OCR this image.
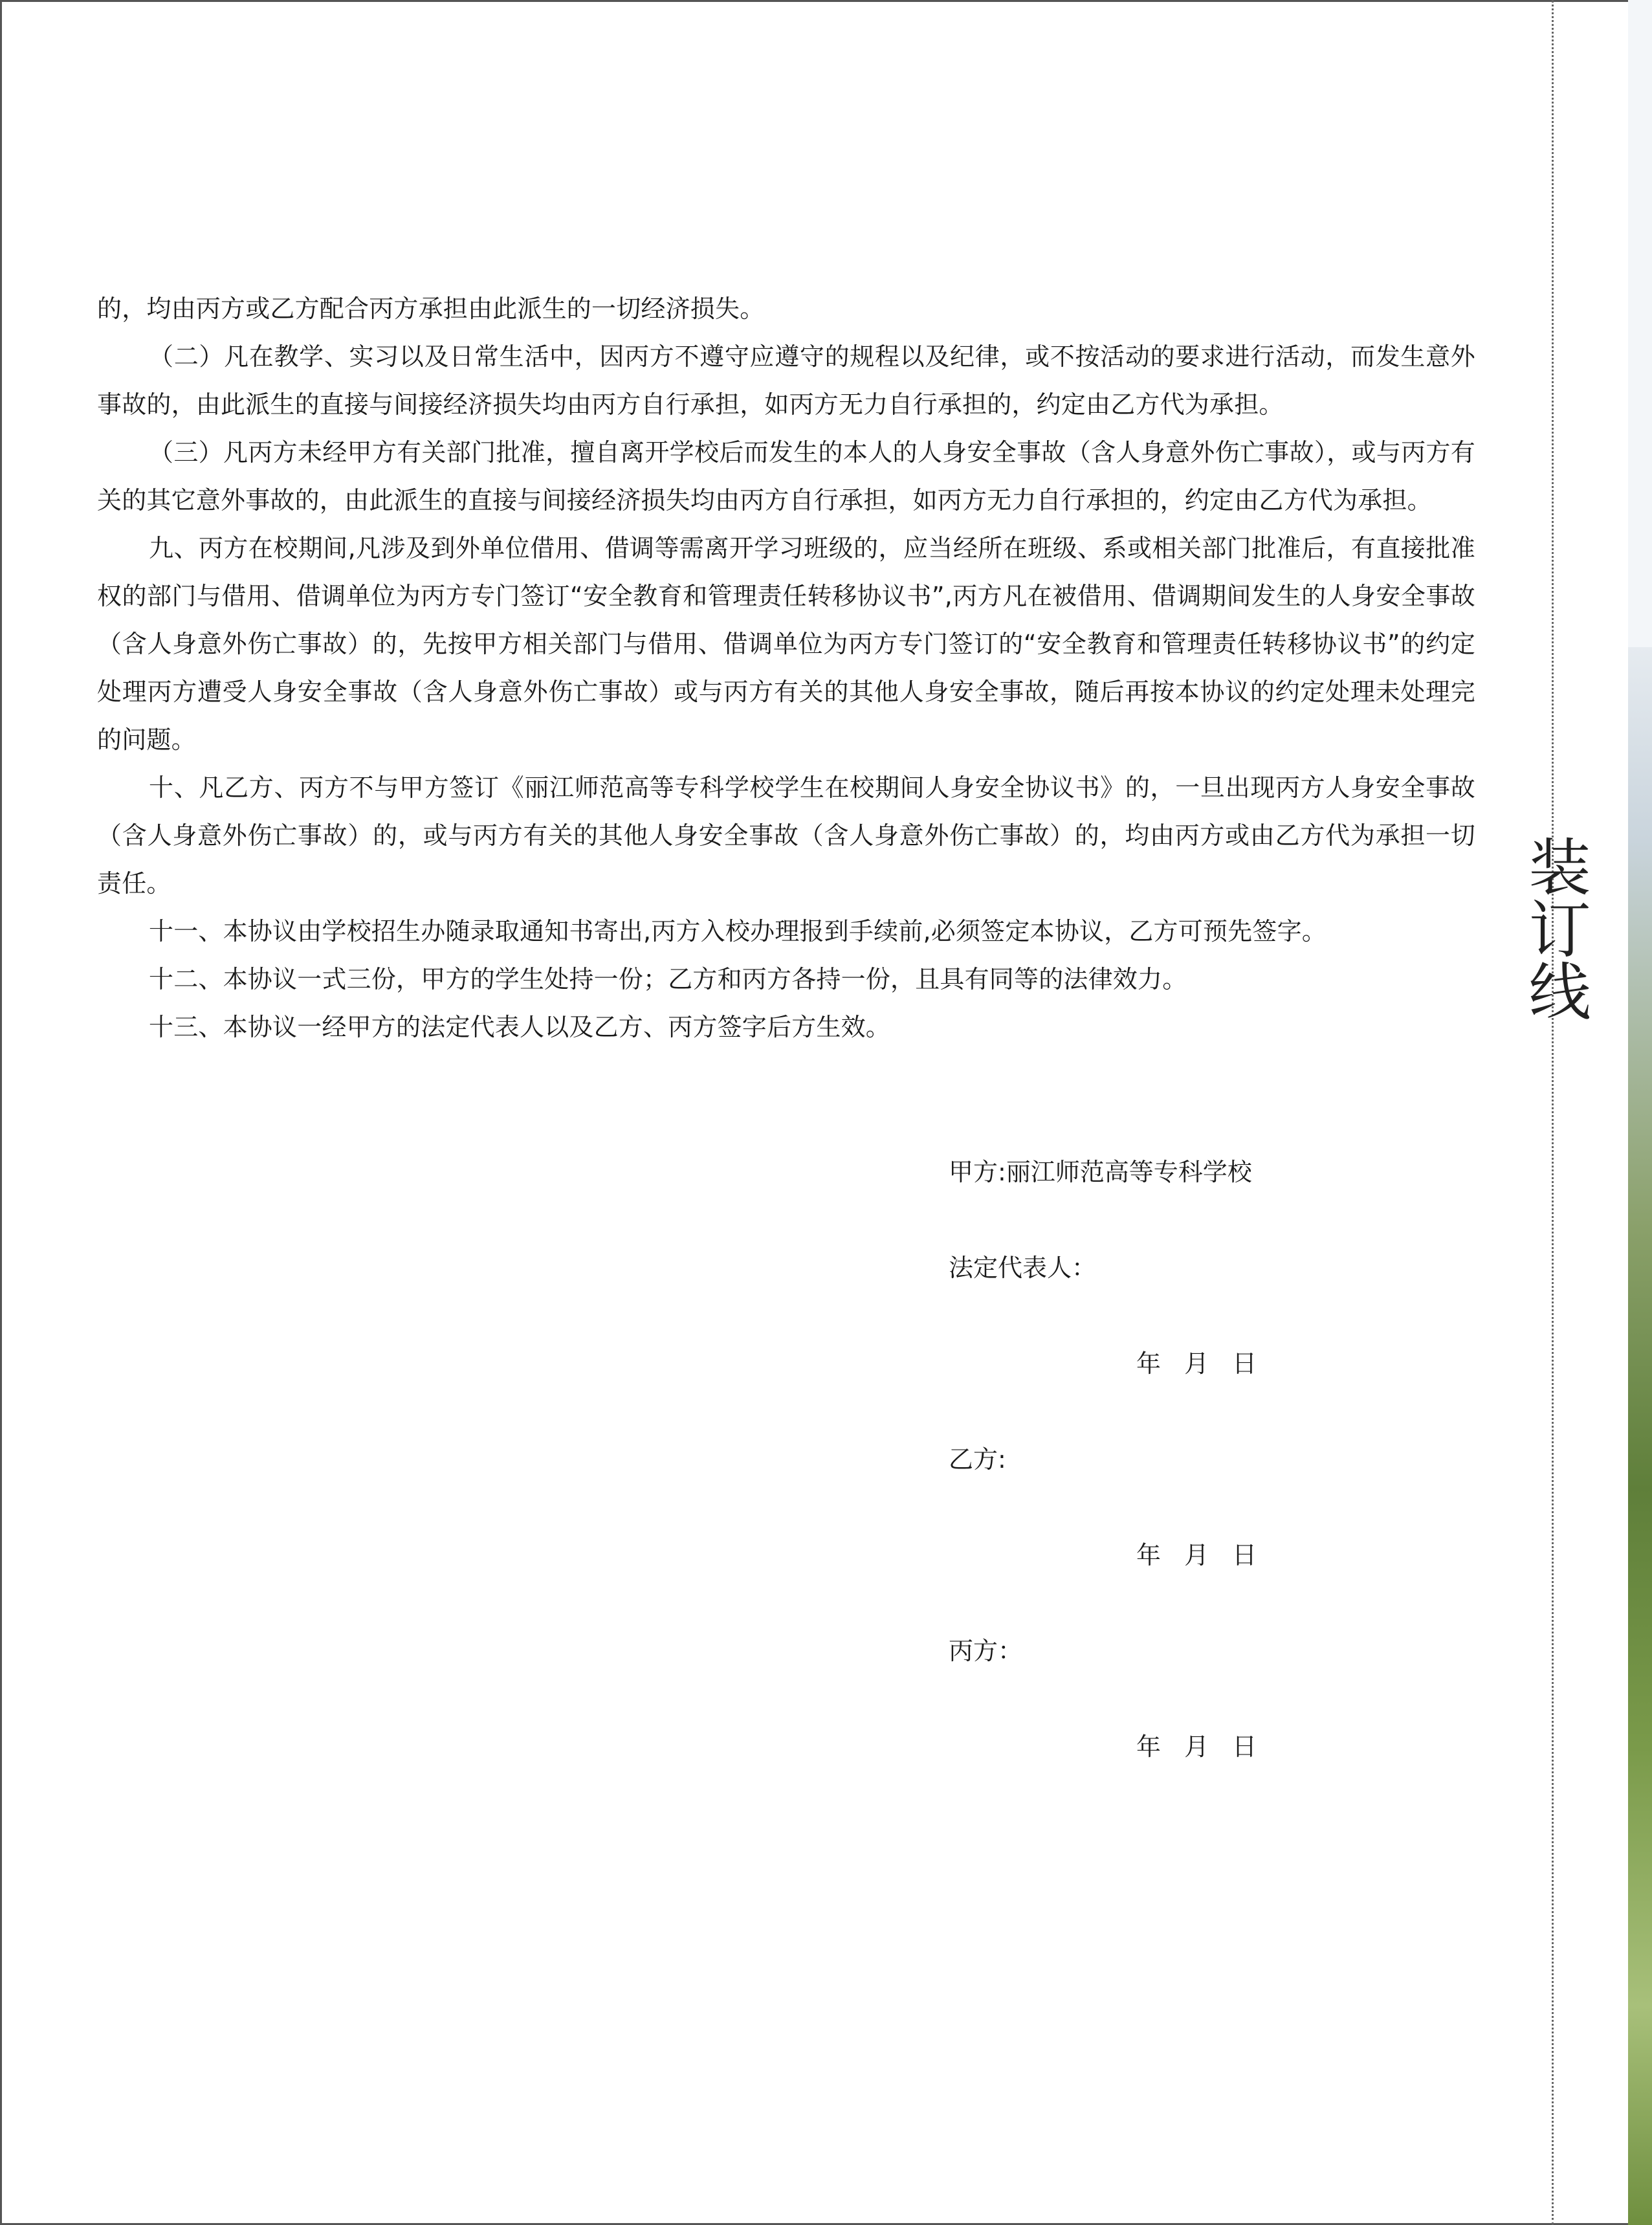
装订线

的，均由丙方或乙方配合丙方承担由此派生的一切经济损失。

（二）凡在教学、实习以及日常生活中，因丙方不遵守应遵守的规程以及纪律，或不按活动的要求进行活动，而发生意外事故的，由此派生的直接与间接经济损失均由丙方自行承担，如丙方无力自行承担的，约定由乙方代为承担。

（三）凡丙方未经甲方有关部门批准，擅自离开学校后而发生的本人的人身安全事故（含人身意外伤亡事故），或与丙方有关的其它意外事故的，由此派生的直接与间接经济损失均由丙方自行承担，如丙方无力自行承担的，约定由乙方代为承担。

九、丙方在校期间,凡涉及到外单位借用、借调等需离开学习班级的，应当经所在班级、系或相关部门批准后，有直接批准权的部门与借用、借调单位为丙方专门签订“安全教育和管理责任转移协议书”,丙方凡在被借用、借调期间发生的人身安全事故（含人身意外伤亡事故）的，先按甲方相关部门与借用、借调单位为丙方专门签订的“安全教育和管理责任转移协议书”的约定处理丙方遭受人身安全事故（含人身意外伤亡事故）或与丙方有关的其他人身安全事故，随后再按本协议的约定处理未处理完的问题。

十、凡乙方、丙方不与甲方签订《丽江师范高等专科学校学生在校期间人身安全协议书》的，一旦出现丙方人身安全事故（含人身意外伤亡事故）的，或与丙方有关的其他人身安全事故（含人身意外伤亡事故）的，均由丙方或由乙方代为承担一切责任。

十一、本协议由学校招生办随录取通知书寄出,丙方入校办理报到手续前,必须签定本协议，乙方可预先签字。

十二、本协议一式三份，甲方的学生处持一份；乙方和丙方各持一份，且具有同等的法律效力。

十三、本协议一经甲方的法定代表人以及乙方、丙方签字后方生效。

甲方:丽江师范高等专科学校
法定代表人：
年 月 日
乙方:
年 月 日
丙方：
年 月 日
